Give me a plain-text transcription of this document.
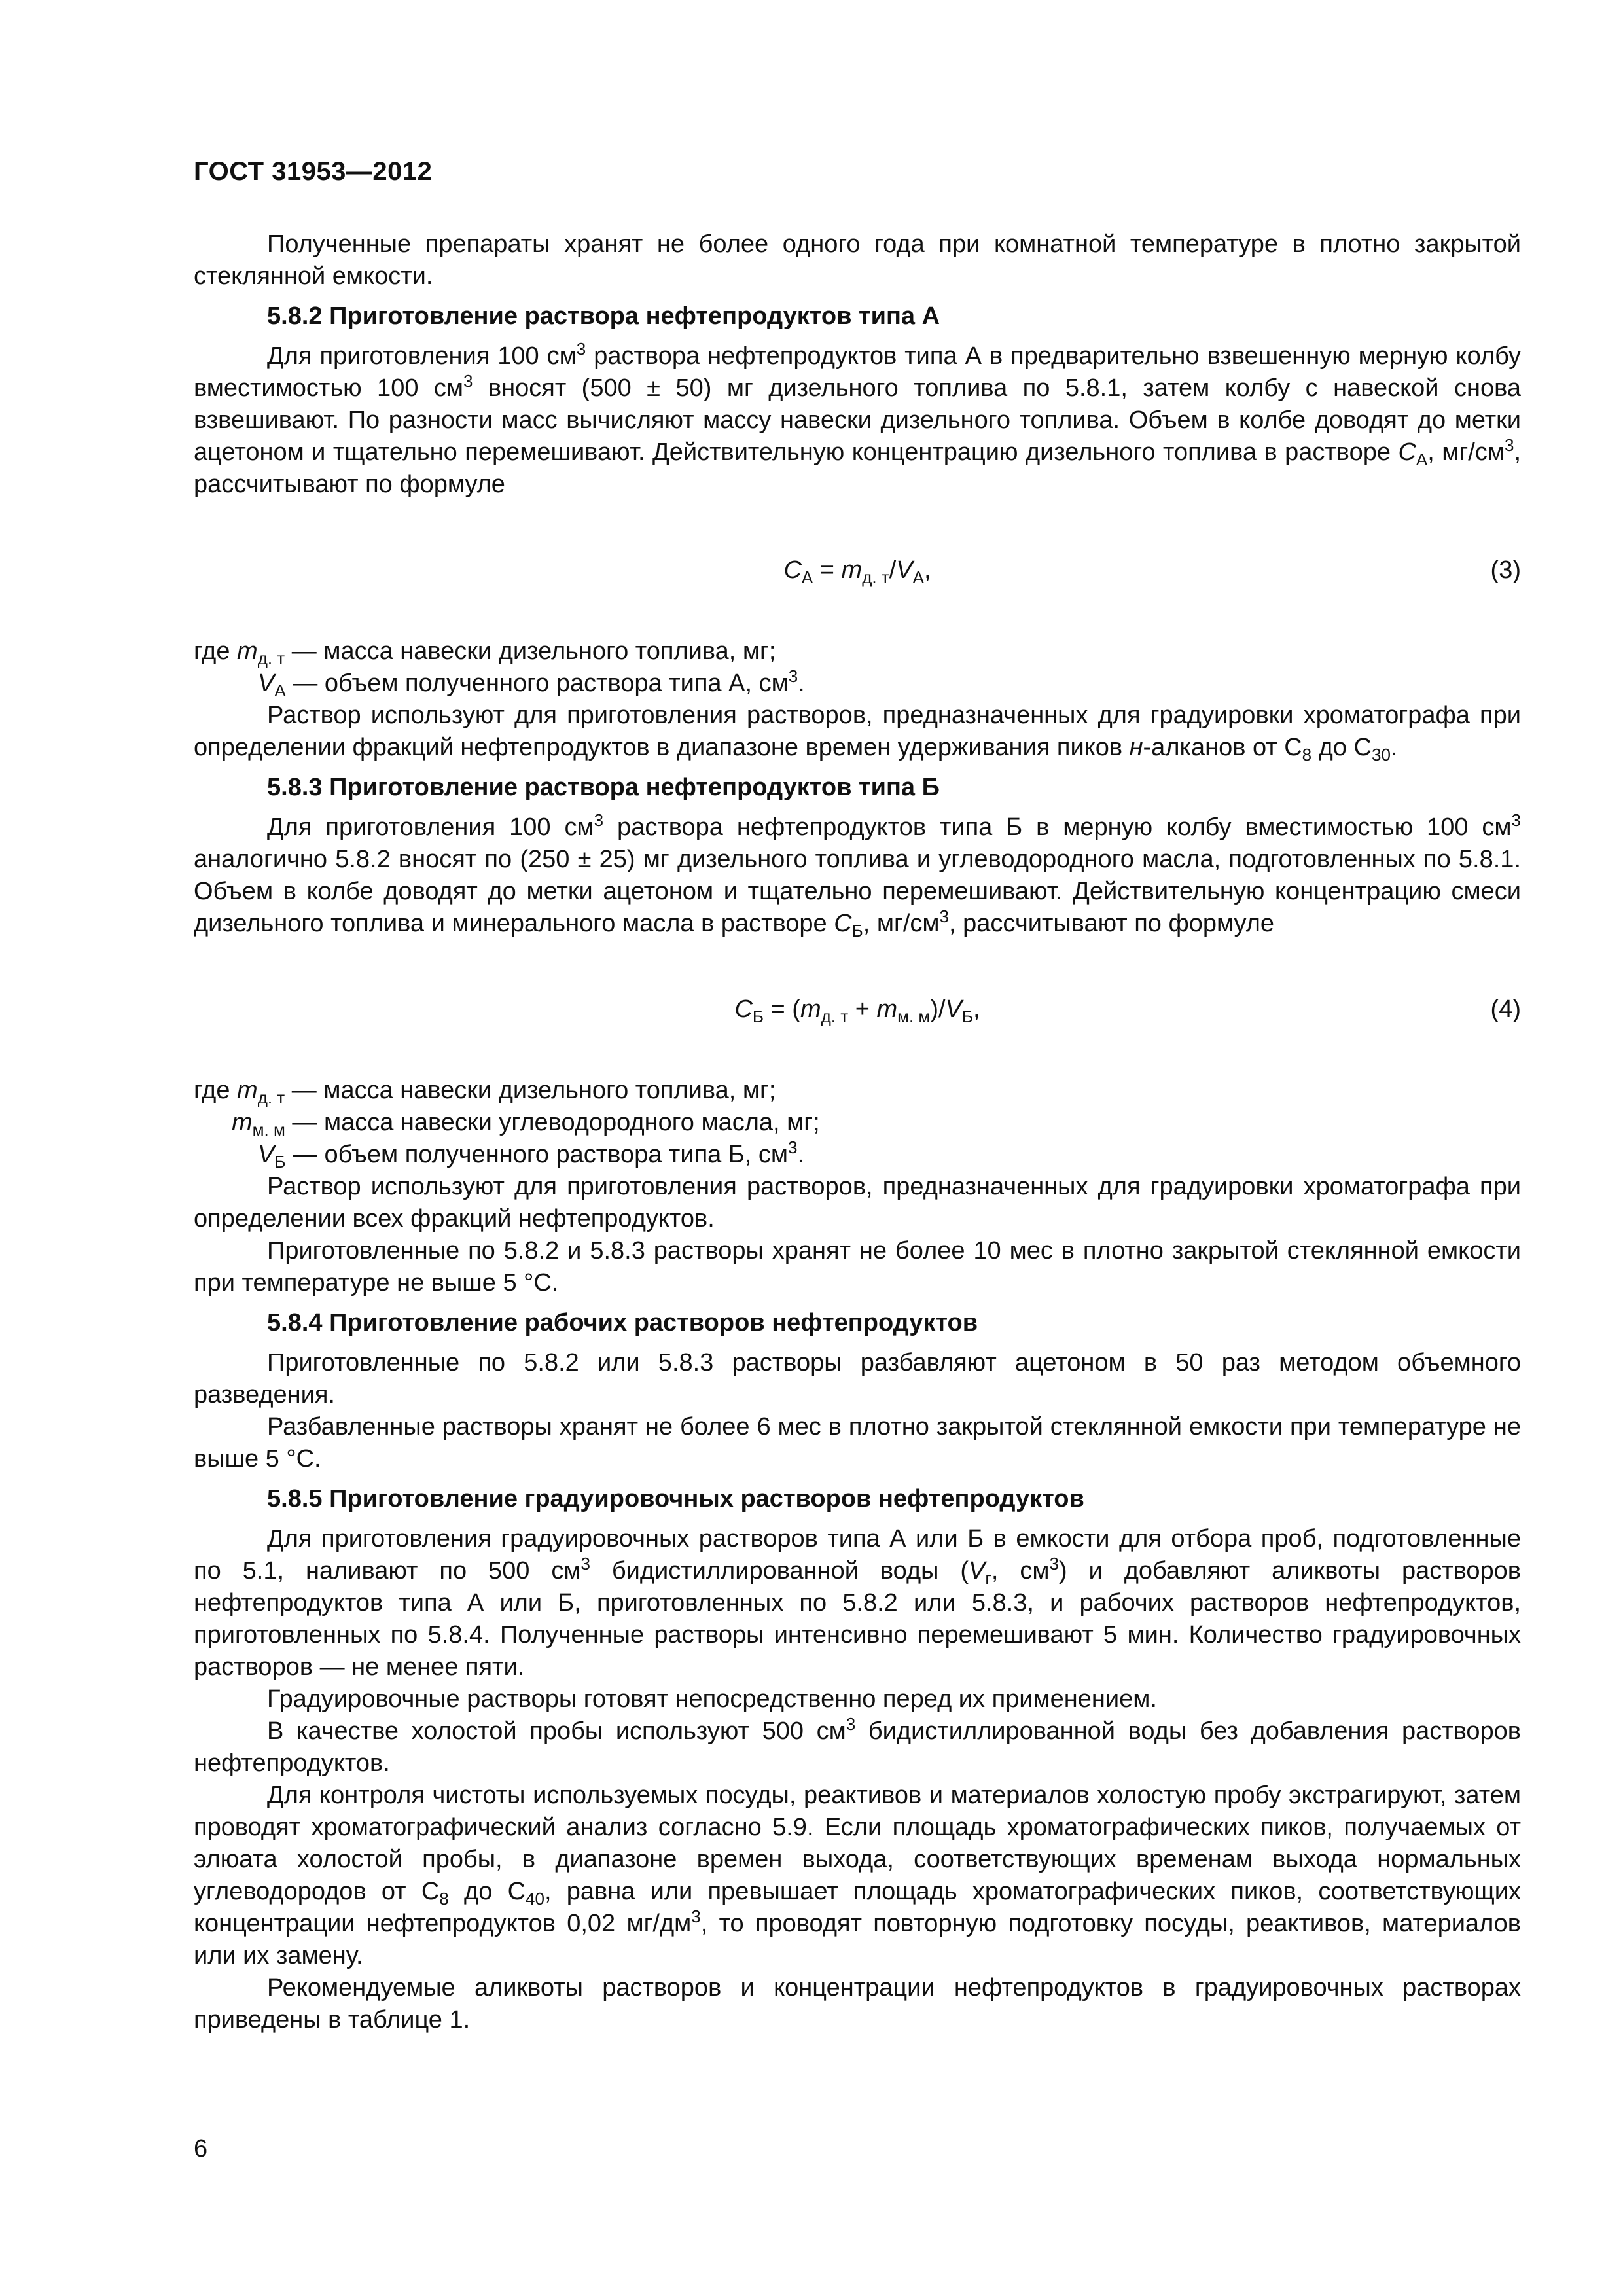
ГОСТ 31953—2012

Полученные препараты хранят не более одного года при комнатной температуре в плотно закрытой стеклянной емкости.

5.8.2 Приготовление раствора нефтепродуктов типа А

Для приготовления 100 $см^3$ раствора нефтепродуктов типа А в предварительно взвешенную мерную колбу вместимостью 100 $см^3$ вносят (500 ± 50) мг дизельного топлива по 5.8.1, затем колбу с навеской снова взвешивают. По разности масс вычисляют массу навески дизельного топлива. Объем в колбе доводят до метки ацетоном и тщательно перемешивают. Действительную концентрацию дизельного топлива в растворе $С_А$, $мг/см^3$, рассчитывают по формуле

$С_А = m_{д. т}/V_А$,	(3)

где $m_{д. т}$ — масса навески дизельного топлива, мг;

$V_А$ — объем полученного раствора типа А, $см^3$.

Раствор используют для приготовления растворов, предназначенных для градуировки хроматографа при определении фракций нефтепродуктов в диапазоне времен удерживания пиков н-алканов от $С_8$ до $С_{30}$.

5.8.3 Приготовление раствора нефтепродуктов типа Б

Для приготовления 100 $см^3$ раствора нефтепродуктов типа Б в мерную колбу вместимостью 100 $см^3$ аналогично 5.8.2 вносят по (250 ± 25) мг дизельного топлива и углеводородного масла, подготовленных по 5.8.1. Объем в колбе доводят до метки ацетоном и тщательно перемешивают. Действительную концентрацию смеси дизельного топлива и минерального масла в растворе $С_Б$, $мг/см^3$, рассчитывают по формуле

$С_Б = (m_{д. т} + m_{м. м})/V_Б$,	(4)

где $m_{д. т}$ — масса навески дизельного топлива, мг;

$m_{м. м}$ — масса навески углеводородного масла, мг;

$V_Б$ — объем полученного раствора типа Б, $см^3$.

Раствор используют для приготовления растворов, предназначенных для градуировки хроматографа при определении всех фракций нефтепродуктов.

Приготовленные по 5.8.2 и 5.8.3 растворы хранят не более 10 мес в плотно закрытой стеклянной емкости при температуре не выше 5 °С.

5.8.4 Приготовление рабочих растворов нефтепродуктов

Приготовленные по 5.8.2 или 5.8.3 растворы разбавляют ацетоном в 50 раз методом объемного разведения.

Разбавленные растворы хранят не более 6 мес в плотно закрытой стеклянной емкости при температуре не выше 5 °С.

5.8.5 Приготовление градуировочных растворов нефтепродуктов

Для приготовления градуировочных растворов типа А или Б в емкости для отбора проб, подготовленные по 5.1, наливают по 500 $см^3$ бидистиллированной воды ($V_г$, $см^3$) и добавляют аликвоты растворов нефтепродуктов типа А или Б, приготовленных по 5.8.2 или 5.8.3, и рабочих растворов нефтепродуктов, приготовленных по 5.8.4. Полученные растворы интенсивно перемешивают 5 мин. Количество градуировочных растворов — не менее пяти.

Градуировочные растворы готовят непосредственно перед их применением.

В качестве холостой пробы используют 500 $см^3$ бидистиллированной воды без добавления растворов нефтепродуктов.

Для контроля чистоты используемых посуды, реактивов и материалов холостую пробу экстрагируют, затем проводят хроматографический анализ согласно 5.9. Если площадь хроматографических пиков, получаемых от элюата холостой пробы, в диапазоне времен выхода, соответствующих временам выхода нормальных углеводородов от $С_8$ до $С_{40}$, равна или превышает площадь хроматографических пиков, соответствующих концентрации нефтепродуктов 0,02 $мг/дм^3$, то проводят повторную подготовку посуды, реактивов, материалов или их замену.

Рекомендуемые аликвоты растворов и концентрации нефтепродуктов в градуировочных растворах приведены в таблице 1.

6
